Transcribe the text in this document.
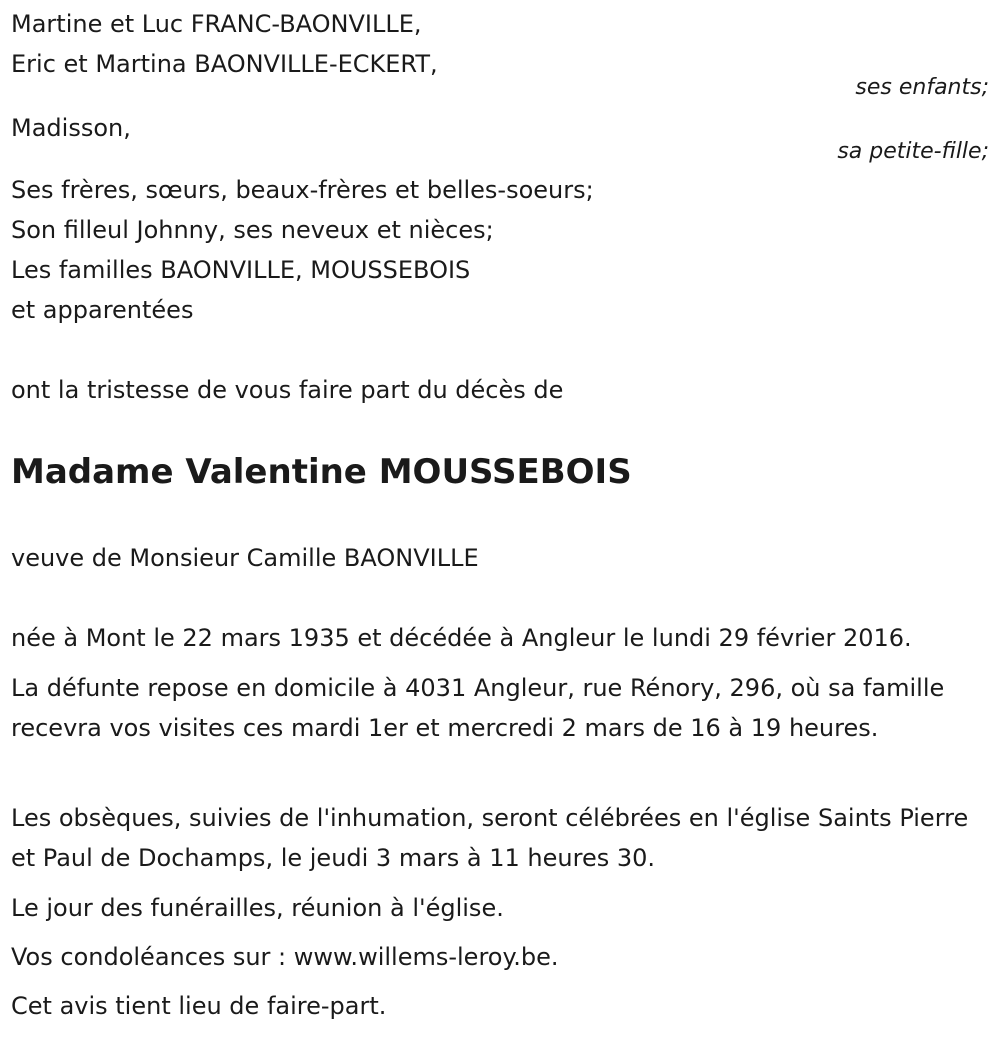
Martine et Luc FRANC-BAONVILLE,
Eric et Martina BAONVILLE-ECKERT,
ses enfants;
Madisson,
sa petite-fille;
Ses frères, sœurs, beaux-frères et belles-soeurs;
Son filleul Johnny, ses neveux et nièces;
Les familles BAONVILLE, MOUSSEBOIS
et apparentées
ont la tristesse de vous faire part du décès de
Madame Valentine MOUSSEBOIS
veuve de Monsieur Camille BAONVILLE
née à Mont le 22 mars 1935 et décédée à Angleur le lundi 29 février 2016.
La défunte repose en domicile à 4031 Angleur, rue Rénory, 296, où sa famille recevra vos visites ces mardi 1er et mercredi 2 mars de 16 à 19 heures.
Les obsèques, suivies de l'inhumation, seront célébrées en l'église Saints Pierre et Paul de Dochamps, le jeudi 3 mars à 11 heures 30.
Le jour des funérailles, réunion à l'église.
Vos condoléances sur : www.willems-leroy.be.
Cet avis tient lieu de faire-part.
